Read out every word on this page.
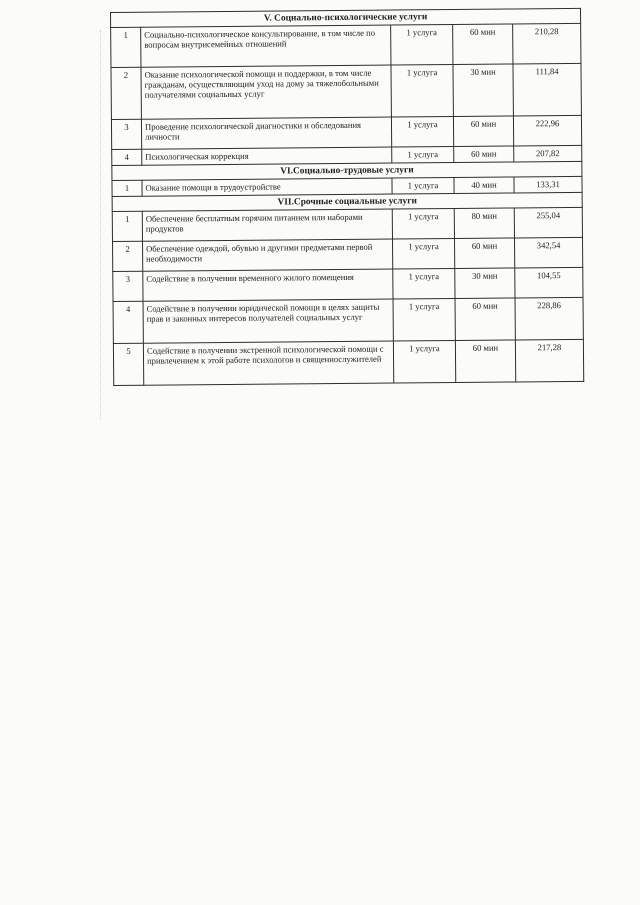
V. Социально-психологические услуги				
1	Социально-психологическое консультирование, в том числе по вопросам внутрисемейных отношений	1 услуга	60 мин	210,28
2	Оказание психологической помощи и поддержки, в том числе гражданам, осуществляющим уход на дому за тяжелобольными получателями социальных услуг	1 услуга	30 мин	111,84
3	Проведение психологической диагностики и обследования личности	1 услуга	60 мин	222,96
4	Психологическая коррекция	1 услуга	60 мин	207,82
VI.Социально-трудовые услуги				
1	Оказание помощи в трудоустройстве	1 услуга	40 мин	133,31
VII.Срочные социальные услуги				
1	Обеспечение бесплатным горячим питанием или наборами продуктов	1 услуга	80 мин	255,04
2	Обеспечение одеждой, обувью и другими предметами первой необходимости	1 услуга	60 мин	342,54
3	Содействие в получении временного жилого помещения	1 услуга	30 мин	104,55
4	Содействие в получении юридической помощи в целях защиты прав и законных интересов получателей социальных услуг	1 услуга	60 мин	228,86
5	Содействие в получении экстренной психологической помощи с привлечением к этой работе психологов и священнослужителей	1 услуга	60 мин	217,28
